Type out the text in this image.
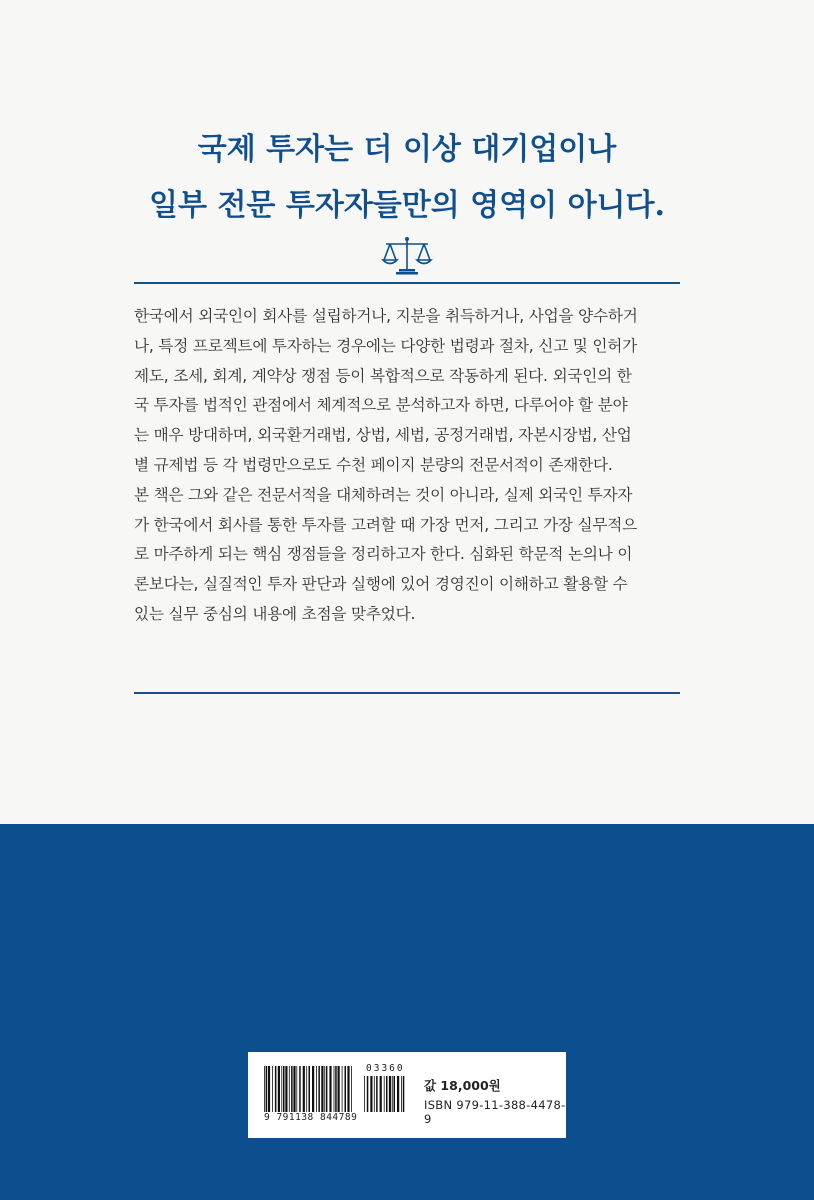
국제 투자는 더 이상 대기업이나
일부 전문 투자자들만의 영역이 아니다.
한국에서 외국인이 회사를 설립하거나, 지분을 취득하거나, 사업을 양수하거
나, 특정 프로젝트에 투자하는 경우에는 다양한 법령과 절차, 신고 및 인허가
제도, 조세, 회계, 계약상 쟁점 등이 복합적으로 작동하게 된다. 외국인의 한
국 투자를 법적인 관점에서 체계적으로 분석하고자 하면, 다루어야 할 분야
는 매우 방대하며, 외국환거래법, 상법, 세법, 공정거래법, 자본시장법, 산업
별 규제법 등 각 법령만으로도 수천 페이지 분량의 전문서적이 존재한다.
본 책은 그와 같은 전문서적을 대체하려는 것이 아니라, 실제 외국인 투자자
가 한국에서 회사를 통한 투자를 고려할 때 가장 먼저, 그리고 가장 실무적으
로 마주하게 되는 핵심 쟁점들을 정리하고자 한다. 심화된 학문적 논의나 이
론보다는, 실질적인 투자 판단과 실행에 있어 경영진이 이해하고 활용할 수
있는 실무 중심의 내용에 초점을 맞추었다.
9 791138 844789
03360
값 18,000원
ISBN 979-11-388-4478-9
